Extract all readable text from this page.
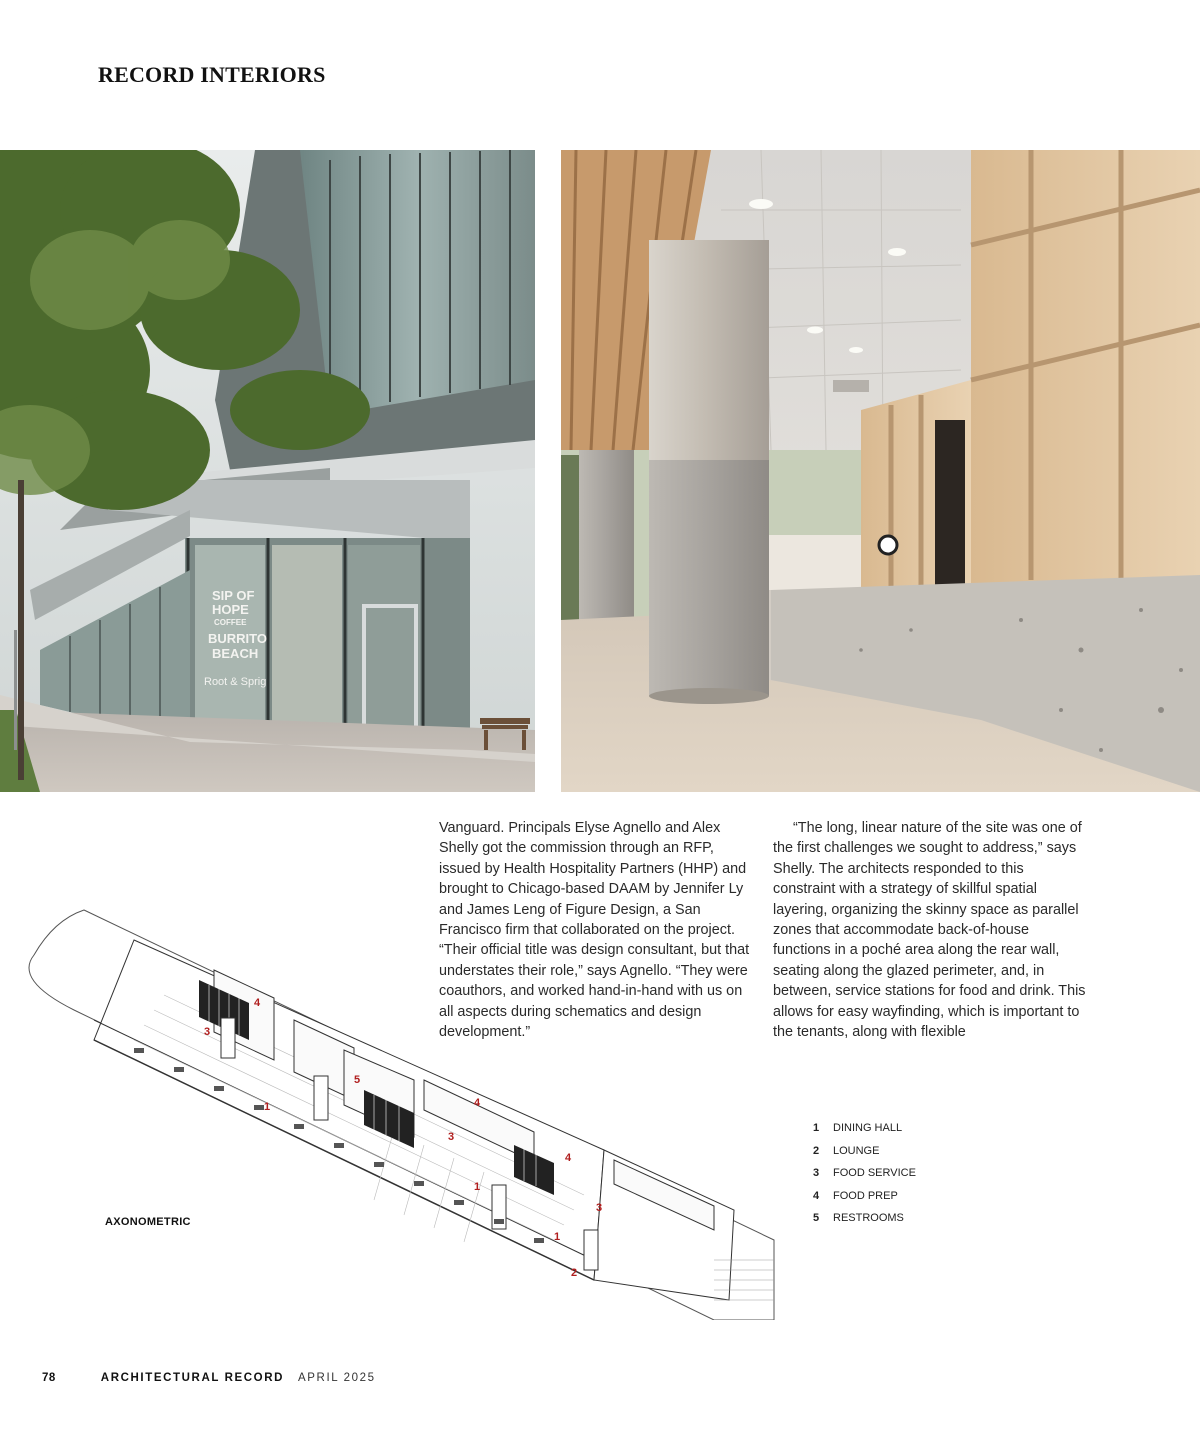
RECORD INTERIORS
SIP OF
HOPE
COFFEE
BURRITO
BEACH
Root & Sprig

Vanguard. Principals Elyse Agnello and Alex Shelly got the commission through an RFP, issued by Health Hospitality Partners (HHP) and brought to Chicago-based DAAM by Jennifer Ly and James Leng of Figure Design, a San Francisco firm that collaborated on the project. “Their official title was design consultant, but that understates their role,” says Agnello. “They were coauthors, and worked hand-in-hand with us on all aspects during schematics and design development.”

“The long, linear nature of the site was one of the first challenges we sought to address,” says Shelly. The architects responded to this constraint with a strategy of skillful spatial layering, organizing the skinny space as parallel zones that accommodate back-of-house functions in a poché area along the rear wall, seating along the glazed perimeter, and, in between, service stations for food and drink. This allows for easy wayfinding, which is important to the tenants, along with flexible

1
1
1
2
3
3
3
4
4
4
5
AXONOMETRIC
1	DINING HALL
2	LOUNGE
3	FOOD SERVICE
4	FOOD PREP
5	RESTROOMS
78	ARCHITECTURAL RECORD APRIL 2025
